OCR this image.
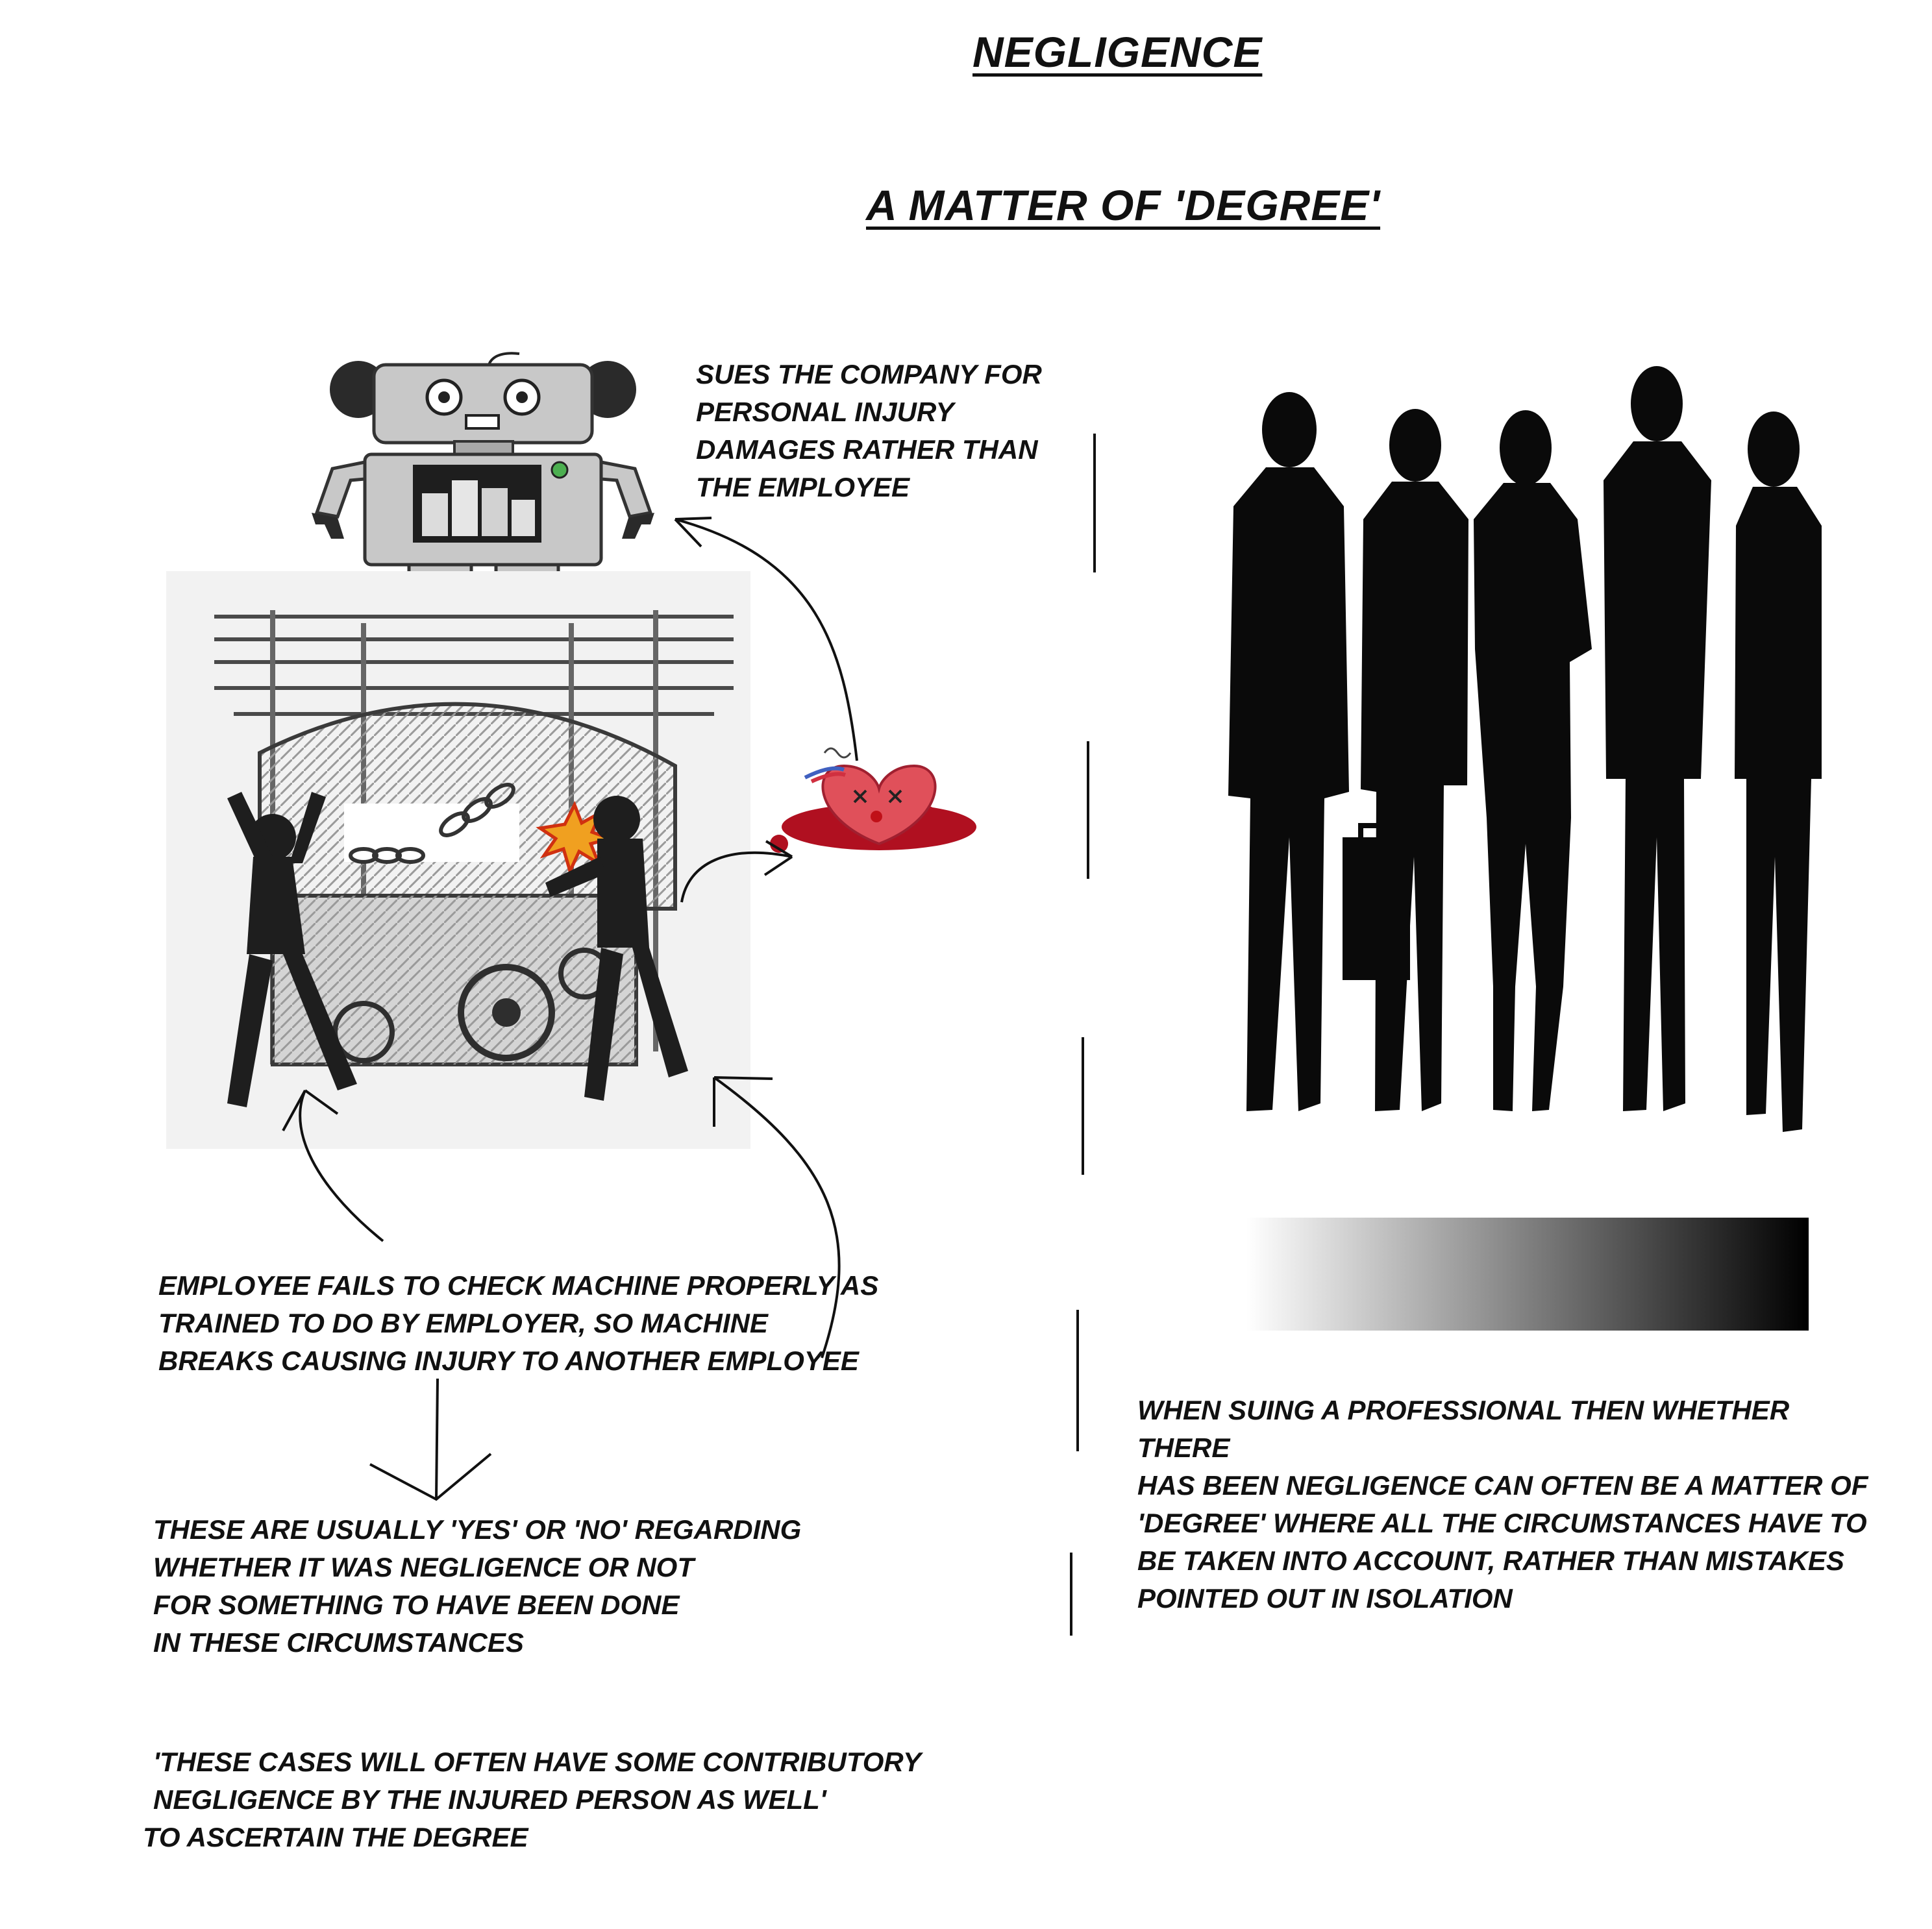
NEGLIGENCE
A MATTER OF 'DEGREE'
SUES THE COMPANY FOR
PERSONAL INJURY
DAMAGES RATHER THAN
THE EMPLOYEE
EMPLOYEE FAILS TO CHECK MACHINE PROPERLY AS
TRAINED TO DO BY EMPLOYER, SO MACHINE
BREAKS CAUSING INJURY TO ANOTHER EMPLOYEE
THESE ARE USUALLY 'YES' OR 'NO' REGARDING
WHETHER IT WAS NEGLIGENCE OR NOT
FOR SOMETHING TO HAVE BEEN DONE
IN THESE CIRCUMSTANCES
'THESE CASES WILL OFTEN HAVE SOME CONTRIBUTORY
NEGLIGENCE BY THE INJURED PERSON AS WELL'
TO ASCERTAIN THE DEGREE
WHEN SUING A PROFESSIONAL THEN WHETHER THERE
HAS BEEN NEGLIGENCE CAN OFTEN BE A MATTER OF
'DEGREE' WHERE ALL THE CIRCUMSTANCES HAVE TO
BE TAKEN INTO ACCOUNT, RATHER THAN MISTAKES
POINTED OUT IN ISOLATION
